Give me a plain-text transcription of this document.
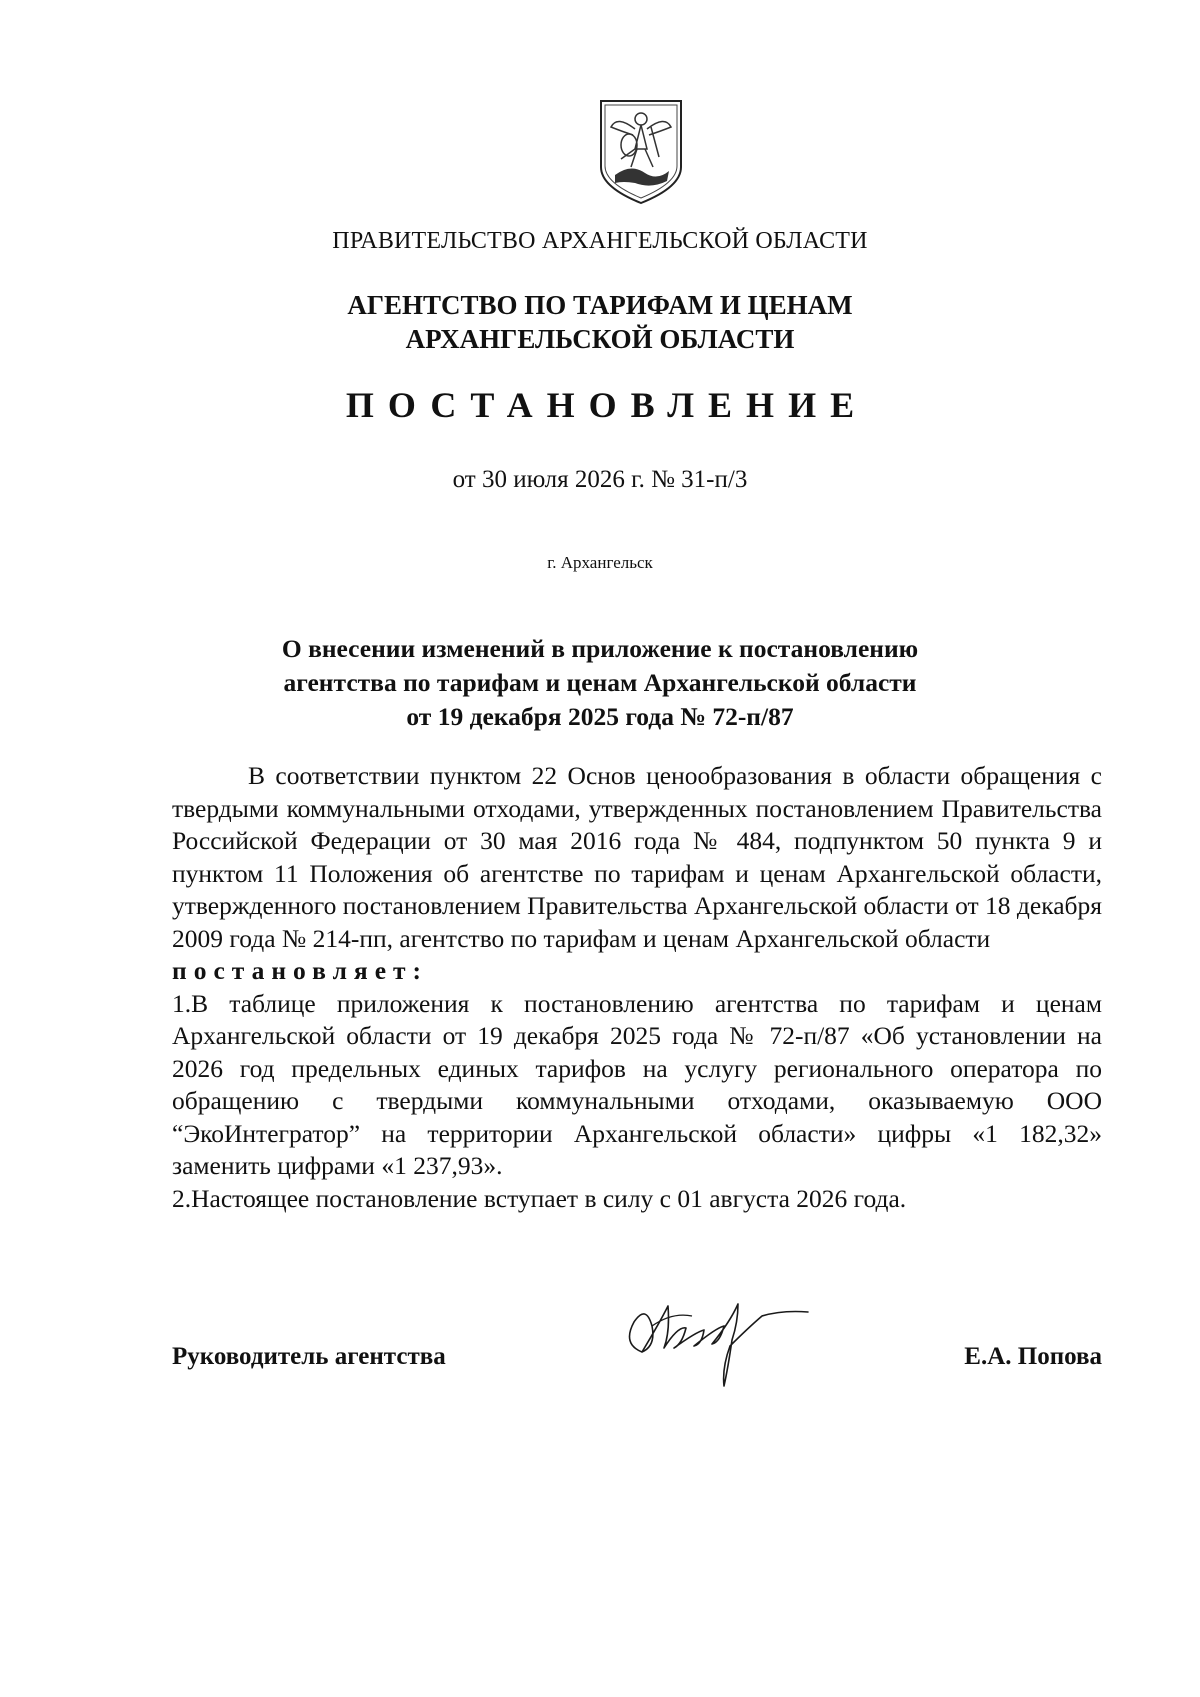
ПРАВИТЕЛЬСТВО АРХАНГЕЛЬСКОЙ ОБЛАСТИ
АГЕНТСТВО ПО ТАРИФАМ И ЦЕНАМ
АРХАНГЕЛЬСКОЙ ОБЛАСТИ
ПОСТАНОВЛЕНИЕ
от 30 июля 2026 г. № 31-п/3
г. Архангельск
О внесении изменений в приложение к постановлению
агентства по тарифам и ценам Архангельской области
от 19 декабря 2025 года № 72-п/87

В соответствии пунктом 22 Основ ценообразования в области обращения с твердыми коммунальными отходами, утвержденных постановлением Правительства Российской Федерации от 30 мая 2016 года № 484, подпунктом 50 пункта 9 и пунктом 11 Положения об агентстве по тарифам и ценам Архангельской области, утвержденного постановлением Правительства Архангельской области от 18 декабря 2009 года № 214-пп, агентство по тарифам и ценам Архангельской области

постановляет:

1.В таблице приложения к постановлению агентства по тарифам и ценам Архангельской области от 19 декабря 2025 года № 72-п/87 «Об установлении на 2026 год предельных единых тарифов на услугу регионального оператора по обращению с твердыми коммунальными отходами, оказываемую ООО “ЭкоИнтегратор” на территории Архангельской области» цифры «1 182,32» заменить цифрами «1 237,93».

2.Настоящее постановление вступает в силу с 01 августа 2026 года.

Руководитель агентства	Е.А. Попова
